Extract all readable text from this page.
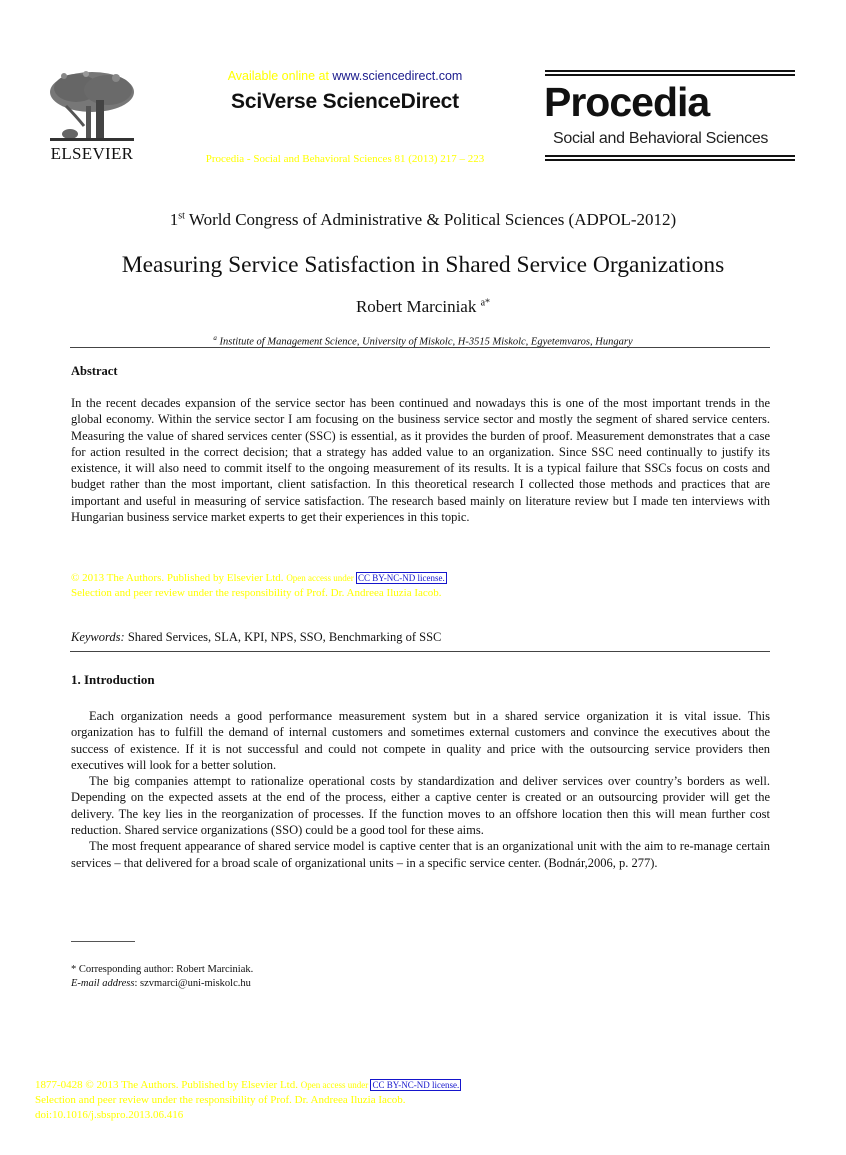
ELSEVIER
Available online at www.sciencedirect.com
SciVerse ScienceDirect
Procedia - Social and Behavioral Sciences 81 (2013) 217 – 223
Procedia
Social and Behavioral Sciences
1st World Congress of Administrative & Political Sciences (ADPOL-2012)
Measuring Service Satisfaction in Shared Service Organizations
Robert Marciniak $^{a*}$
$^a$ Institute of Management Science, University of Miskolc, H-3515 Miskolc, Egyetemvaros, Hungary
Abstract
In the recent decades expansion of the service sector has been continued and nowadays this is one of the most important trends in the global economy. Within the service sector I am focusing on the business service sector and mostly the segment of shared service centers. Measuring the value of shared services center (SSC) is essential, as it provides the burden of proof. Measurement demonstrates that a case for action resulted in the correct decision; that a strategy has added value to an organization. Since SSC need continually to justify its existence, it will also need to commit itself to the ongoing measurement of its results. It is a typical failure that SSCs focus on costs and budget rather than the most important, client satisfaction. In this theoretical research I collected those methods and practices that are important and useful in measuring of service satisfaction. The research based mainly on literature review but I made ten interviews with Hungarian business service market experts to get their experiences in this topic.
© 2013 The Authors. Published by Elsevier Ltd. Open access under CC BY-NC-ND license.
Selection and peer review under the responsibility of Prof. Dr. Andreea Iluzia Iacob.
Keywords: Shared Services, SLA, KPI, NPS, SSO, Benchmarking of SSC
1. Introduction

Each organization needs a good performance measurement system but in a shared service organization it is vital issue. This organization has to fulfill the demand of internal customers and sometimes external customers and convince the executives about the success of existence. If it is not successful and could not compete in quality and price with the outsourcing service providers then executives will look for a better solution.

The big companies attempt to rationalize operational costs by standardization and deliver services over country’s borders as well. Depending on the expected assets at the end of the process, either a captive center is created or an outsourcing provider will get the delivery. The key lies in the reorganization of processes. If the function moves to an offshore location then this will mean further cost reduction. Shared service organizations (SSO) could be a good tool for these aims.

The most frequent appearance of shared service model is captive center that is an organizational unit with the aim to re-manage certain services – that delivered for a broad scale of organizational units – in a specific service center. (Bodnár,2006, p. 277).

* Corresponding author: Robert Marciniak.
E-mail address: szvmarci@uni-miskolc.hu
1877-0428 © 2013 The Authors. Published by Elsevier Ltd. Open access under CC BY-NC-ND license.
Selection and peer review under the responsibility of Prof. Dr. Andreea Iluzia Iacob.
doi:10.1016/j.sbspro.2013.06.416
